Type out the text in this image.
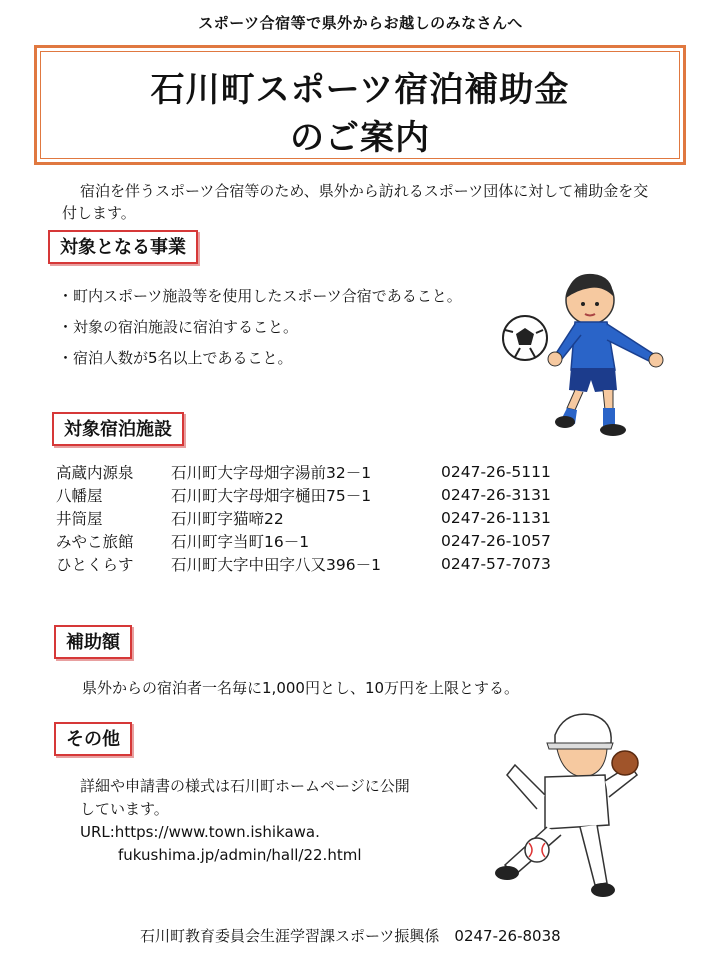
スポーツ合宿等で県外からお越しのみなさんへ
石川町スポーツ宿泊補助金
のご案内
宿泊を伴うスポーツ合宿等のため、県外から訪れるスポーツ団体に対して補助金を交付します。
対象となる事業
・町内スポーツ施設等を使用したスポーツ合宿であること。
・対象の宿泊施設に宿泊すること。
・宿泊人数が5名以上であること。
対象宿泊施設
高蔵内源泉	石川町大字母畑字湯前32－1	0247-26-5111
八幡屋	石川町大字母畑字樋田75－1	0247-26-3131
井筒屋	石川町字猫啼22	0247-26-1131
みやこ旅館	石川町字当町16－1	0247-26-1057
ひとくらす	石川町大字中田字八又396－1	0247-57-7073
補助額
県外からの宿泊者一名毎に1,000円とし、10万円を上限とする。
その他
詳細や申請書の様式は石川町ホームページに公開
しています。
URL:https://www.town.ishikawa.
fukushima.jp/admin/hall/22.html
石川町教育委員会生涯学習課スポーツ振興係　0247-26-8038
